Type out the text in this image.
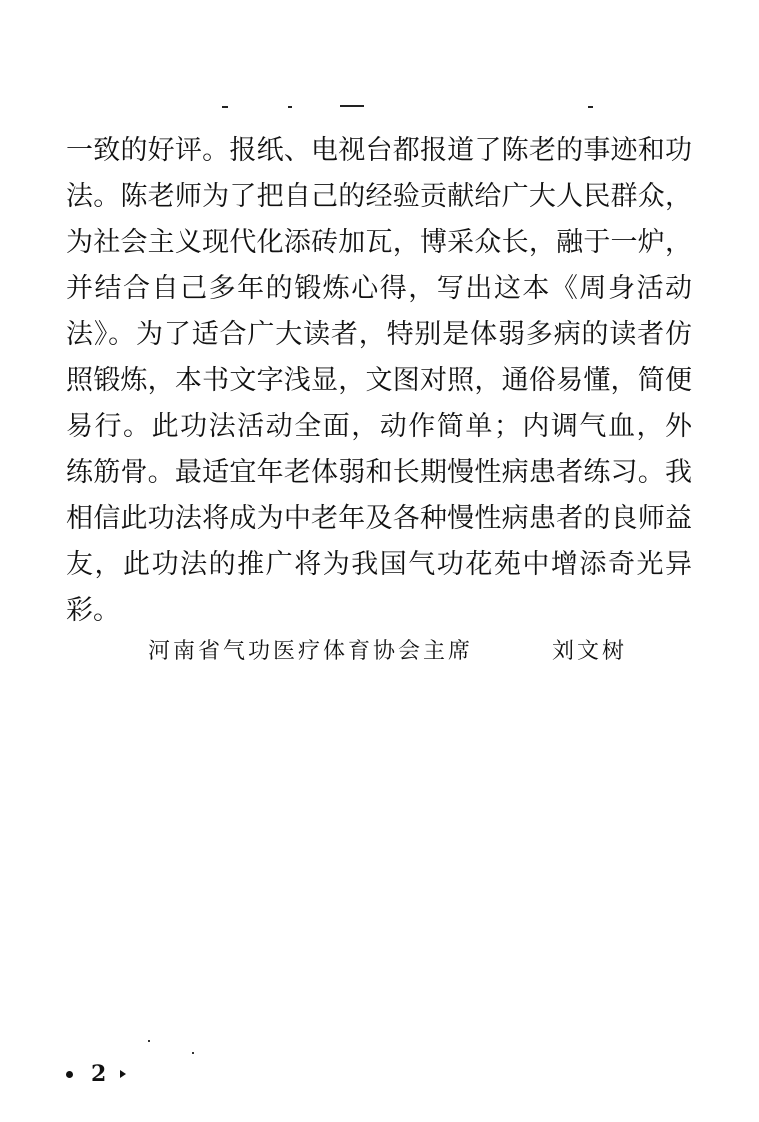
一致的好评。报纸、电视台都报道了陈老的事迹和功
法。陈老师为了把自己的经验贡献给广大人民群众，
为社会主义现代化添砖加瓦，博采众长，融于一炉，
并结合自己多年的锻炼心得，写出这本《周身活动
法》。为了适合广大读者，特别是体弱多病的读者仿
照锻炼，本书文字浅显，文图对照，通俗易懂，简便
易行。此功法活动全面，动作简单；内调气血，外
练筋骨。最适宜年老体弱和长期慢性病患者练习。我
相信此功法将成为中老年及各种慢性病患者的良师益
友，此功法的推广将为我国气功花苑中增添奇光异
彩。
河南省气功医疗体育协会主席	刘文树
2
